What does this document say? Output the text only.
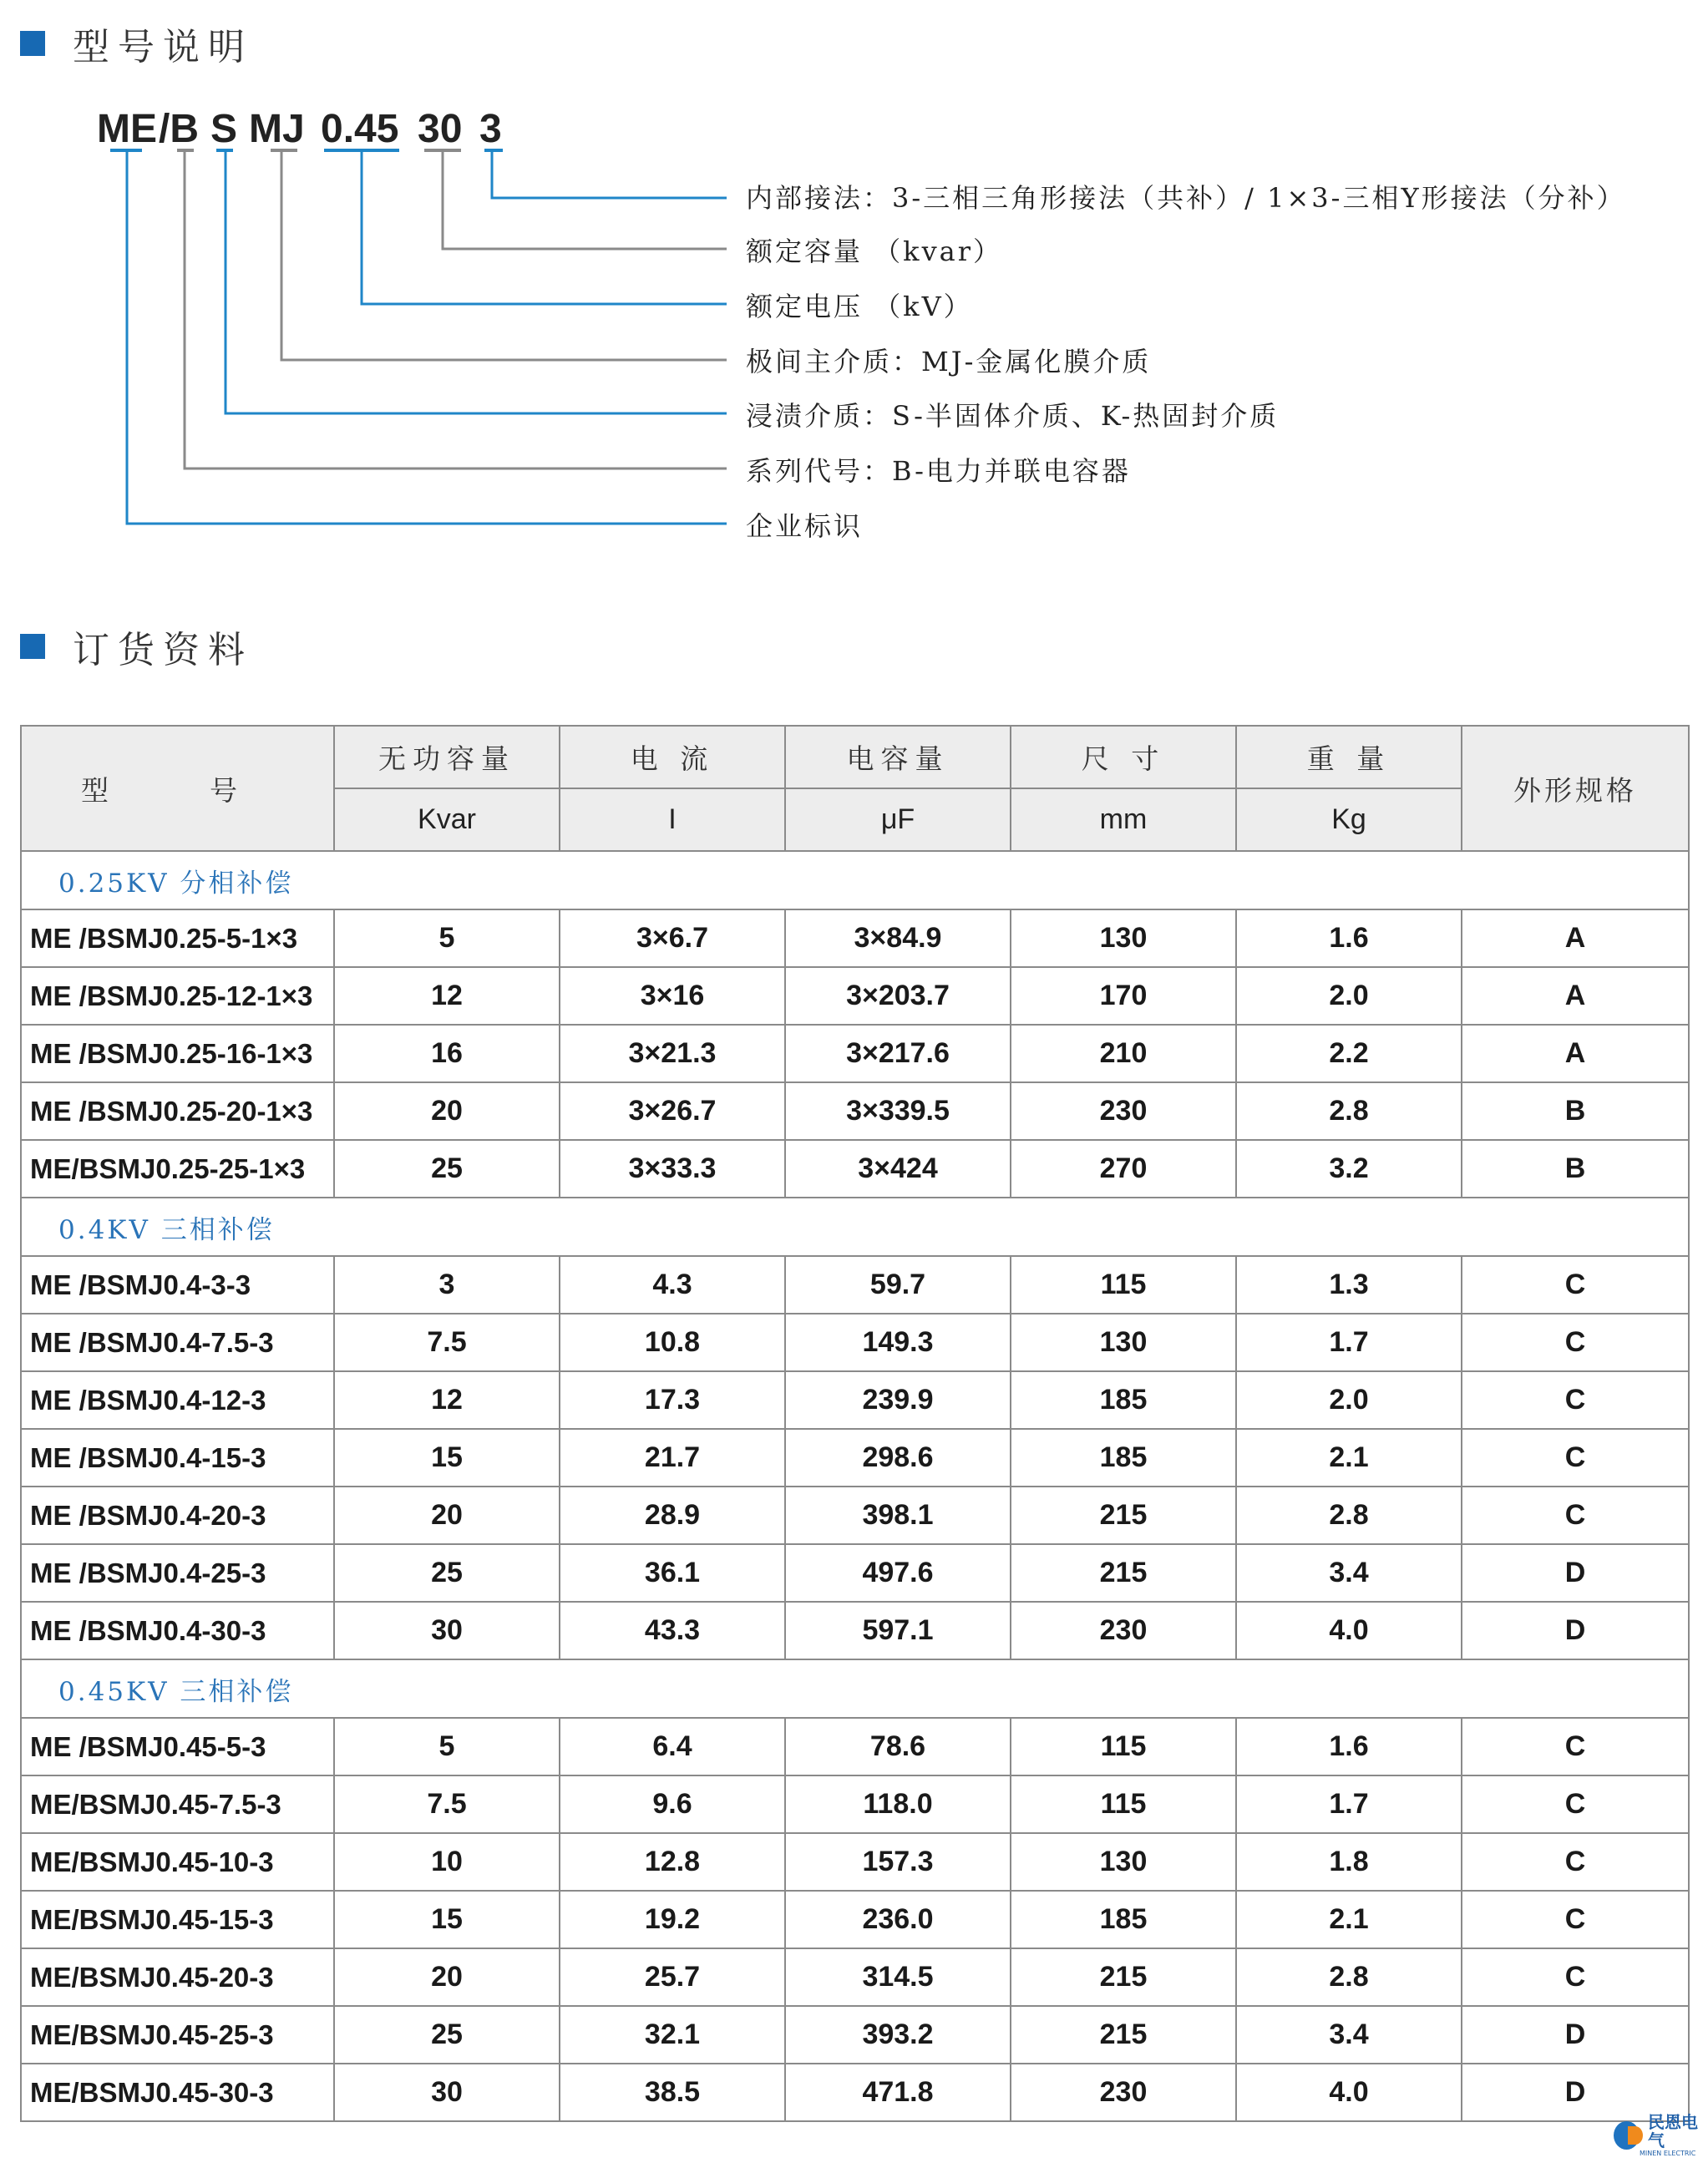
型号说明
ME /B S MJ 0.45 30 3
内部接法：3-三相三角形接法（共补）/ 1×3-三相Y形接法（分补）
额定容量 （kvar）
额定电压 （kV）
极间主介质：MJ-金属化膜介质
浸渍介质：S-半固体介质、K-热固封介质
系列代号：B-电力并联电容器
企业标识
订货资料
型　号	无功容量	电 流	电容量	尺 寸	重 量	外形规格
	Kvar	I	μF	mm	Kg	
0.25KV 分相补偿						
ME /BSMJ0.25-5-1×3	5	3×6.7	3×84.9	130	1.6	A
ME /BSMJ0.25-12-1×3	12	3×16	3×203.7	170	2.0	A
ME /BSMJ0.25-16-1×3	16	3×21.3	3×217.6	210	2.2	A
ME /BSMJ0.25-20-1×3	20	3×26.7	3×339.5	230	2.8	B
ME/BSMJ0.25-25-1×3	25	3×33.3	3×424	270	3.2	B
0.4KV 三相补偿						
ME /BSMJ0.4-3-3	3	4.3	59.7	115	1.3	C
ME /BSMJ0.4-7.5-3	7.5	10.8	149.3	130	1.7	C
ME /BSMJ0.4-12-3	12	17.3	239.9	185	2.0	C
ME /BSMJ0.4-15-3	15	21.7	298.6	185	2.1	C
ME /BSMJ0.4-20-3	20	28.9	398.1	215	2.8	C
ME /BSMJ0.4-25-3	25	36.1	497.6	215	3.4	D
ME /BSMJ0.4-30-3	30	43.3	597.1	230	4.0	D
0.45KV 三相补偿						
ME /BSMJ0.45-5-3	5	6.4	78.6	115	1.6	C
ME/BSMJ0.45-7.5-3	7.5	9.6	118.0	115	1.7	C
ME/BSMJ0.45-10-3	10	12.8	157.3	130	1.8	C
ME/BSMJ0.45-15-3	15	19.2	236.0	185	2.1	C
ME/BSMJ0.45-20-3	20	25.7	314.5	215	2.8	C
ME/BSMJ0.45-25-3	25	32.1	393.2	215	3.4	D
ME/BSMJ0.45-30-3	30	38.5	471.8	230	4.0	D
民恩电气
MINEN ELECTRIC
